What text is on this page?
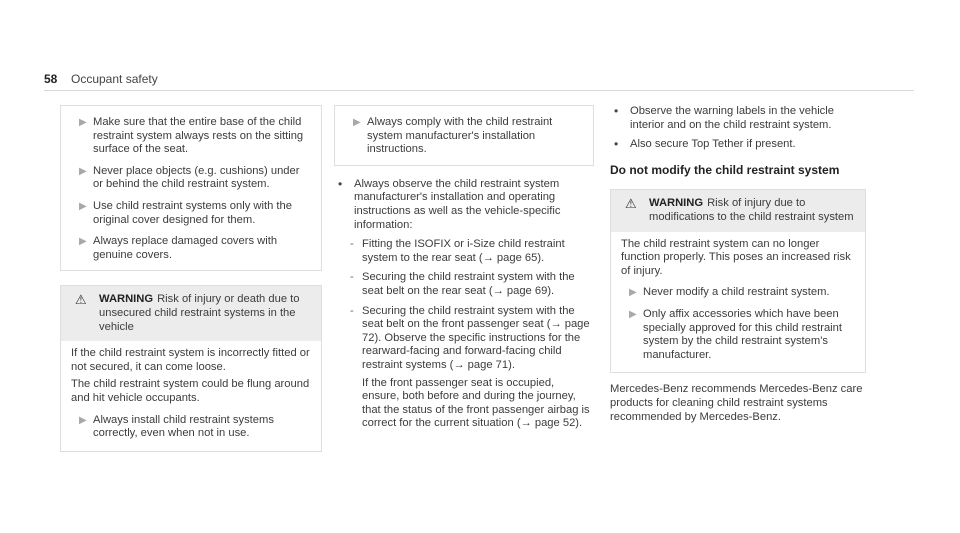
58 Occupant safety
▶ Make sure that the entire base of the child restraint system always rests on the sitting surface of the seat.
▶ Never place objects (e.g. cushions) under or behind the child restraint system.
▶ Use child restraint systems only with the original cover designed for them.
▶ Always replace damaged covers with genuine covers.
⚠	WARNING Risk of injury or death due to unsecured child restraint systems in the vehicle

If the child restraint system is incorrectly fitted or not secured, it can come loose.

The child restraint system could be flung around and hit vehicle occupants.

▶ Always install child restraint systems correctly, even when not in use.
▶ Always comply with the child restraint system manufacturer's installation instructions.
•	Always observe the child restraint system manufacturer's installation and operating instructions as well as the vehicle-specific information:
- Fitting the ISOFIX or i-Size child restraint system to the rear seat (→ page 65).
- Securing the child restraint system with the seat belt on the rear seat (→ page 69).
- Securing the child restraint system with the seat belt on the front passenger seat (→ page 72). Observe the specific instructions for the rearward-facing and forward-facing child restraint systems (→ page 71).
If the front passenger seat is occupied, ensure, both before and during the journey, that the status of the front passenger airbag is correct for the current situation (→ page 52).
•	Observe the warning labels in the vehicle interior and on the child restraint system.
•	Also secure Top Tether if present.
Do not modify the child restraint system
⚠	WARNING Risk of injury due to modifications to the child restraint system

The child restraint system can no longer function properly. This poses an increased risk of injury.

▶ Never modify a child restraint system.
▶ Only affix accessories which have been specially approved for this child restraint system by the child restraint system's manufacturer.
Mercedes-Benz recommends Mercedes-Benz care products for cleaning child restraint systems recommended by Mercedes-Benz.
